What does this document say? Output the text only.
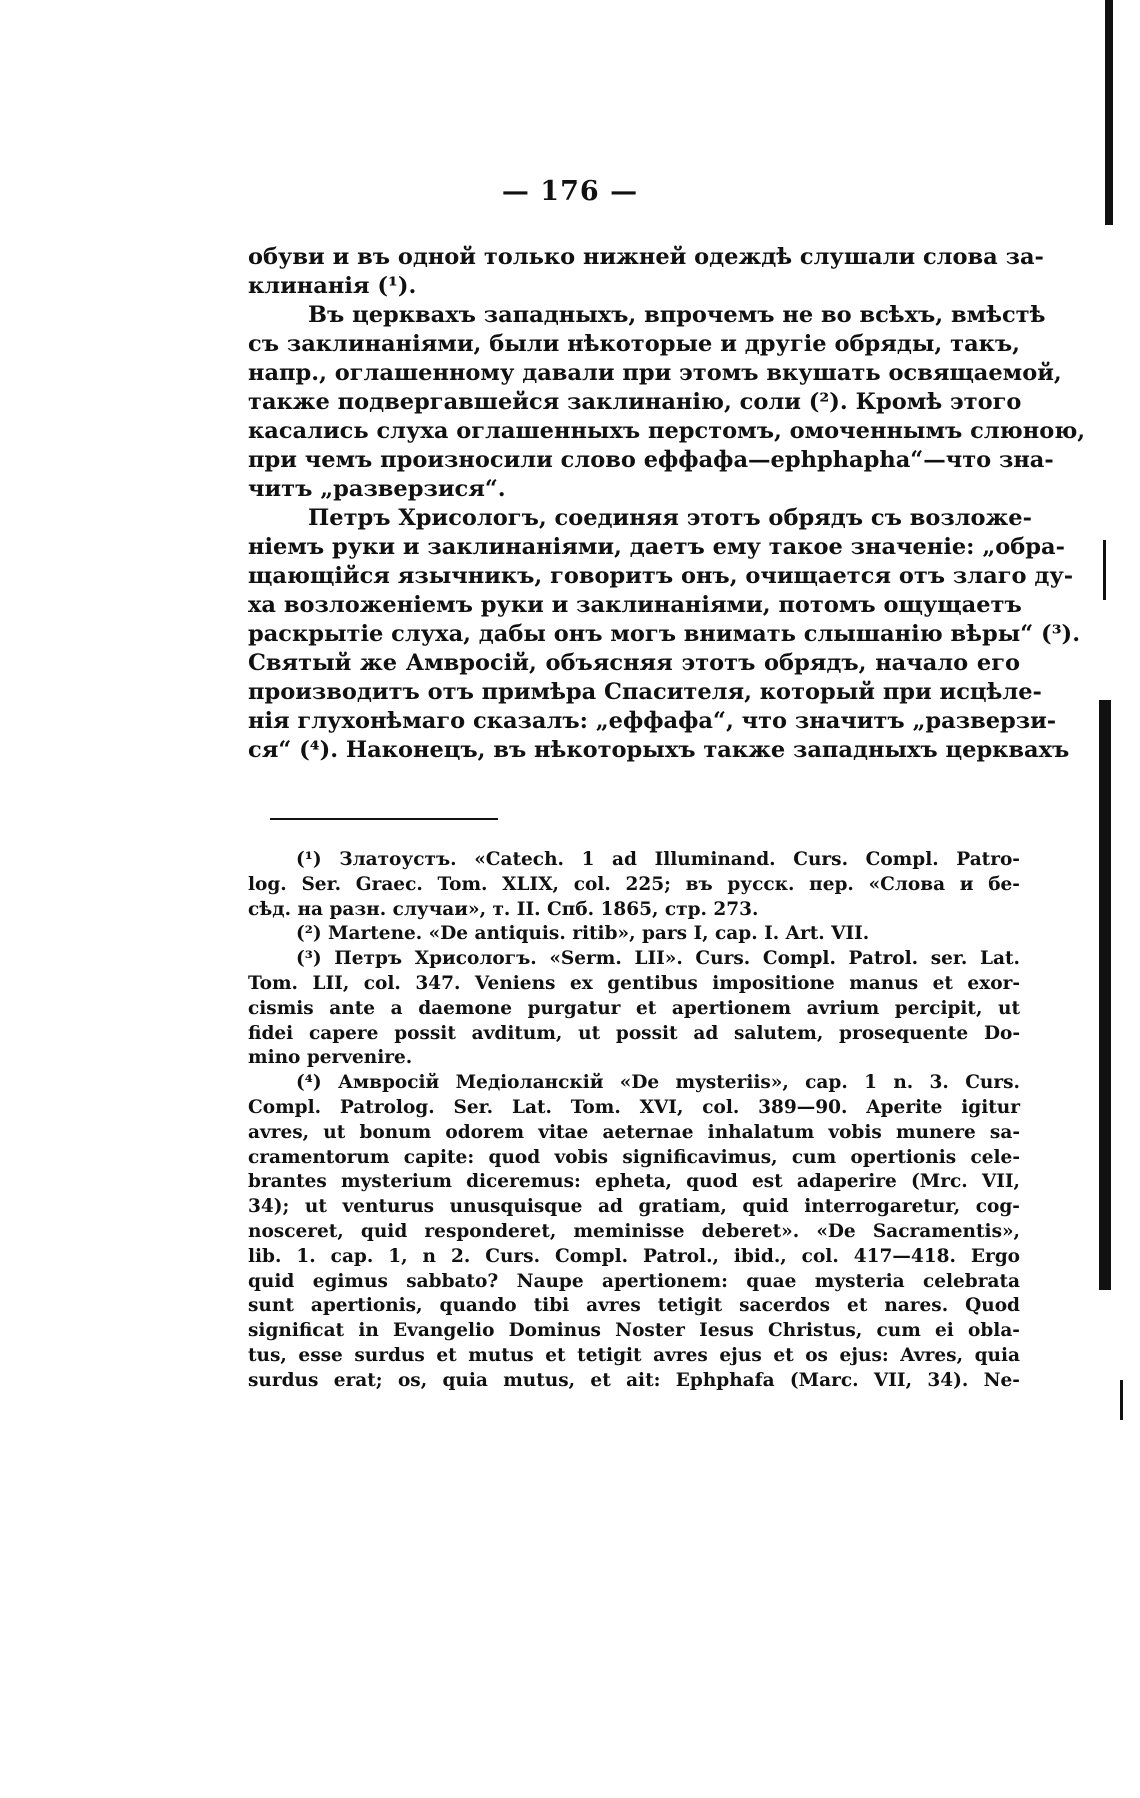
— 176 —
обуви и въ одной только нижней одеждѣ слушали слова за-
клинанія (¹).
Въ церквахъ западныхъ, впрочемъ не во всѣхъ, вмѣстѣ
съ заклинаніями, были нѣкоторые и другіе обряды, такъ,
напр., оглашенному давали при этомъ вкушать освящаемой,
также подвергавшейся заклинанію, соли (²). Кромѣ этого
касались слуха оглашенныхъ перстомъ, омоченнымъ слюною,
при чемъ произносили слово еффафа—ephphapha“—что зна-
читъ „разверзися“.
Петръ Хрисологъ, соединяя этотъ обрядъ съ возложе-
ніемъ руки и заклинаніями, даетъ ему такое значеніе: „обра-
щающійся язычникъ, говоритъ онъ, очищается отъ злаго ду-
ха возложеніемъ руки и заклинаніями, потомъ ощущаетъ
раскрытіе слуха, дабы онъ могъ внимать слышанію вѣры“ (³).
Святый же Амвросій, объясняя этотъ обрядъ, начало его
производитъ отъ примѣра Спасителя, который при исцѣле-
нія глухонѣмаго сказалъ: „еффафа“, что значитъ „разверзи-
ся“ (⁴). Наконецъ, въ нѣкоторыхъ также западныхъ церквахъ
(¹) Златоустъ. «Catech. 1 ad Illuminand. Curs. Compl. Patro-
log. Ser. Graec. Tom. XLIX, col. 225; въ русск. пер. «Слова и бе-
сѣд. на разн. случаи», т. II. Спб. 1865, стр. 273.
(²) Martene. «De antiquis. ritib», pars I, cap. I. Art. VII.
(³) Петръ Хрисологъ. «Serm. LII». Curs. Compl. Patrol. ser. Lat.
Tom. LII, col. 347. Veniens ex gentibus impositione manus et exor-
cismis ante a daemone purgatur et apertionem avrium percipit, ut
fidei capere possit avditum, ut possit ad salutem, prosequente Do-
mino pervenire.
(⁴) Амвросій Медіоланскій «De mysteriis», cap. 1 n. 3. Curs.
Compl. Patrolog. Ser. Lat. Tom. XVI, col. 389—90. Aperite igitur
avres, ut bonum odorem vitae aeternae inhalatum vobis munere sa-
cramentorum capite: quod vobis significavimus, cum opertionis cele-
brantes mysterium diceremus: epheta, quod est adaperire (Mrc. VII,
34); ut venturus unusquisque ad gratiam, quid interrogaretur, cog-
nosceret, quid responderet, meminisse deberet». «De Sacramentis»,
lib. 1. cap. 1, n 2. Curs. Compl. Patrol., ibid., col. 417—418. Ergo
quid egimus sabbato? Naupe apertionem: quae mysteria celebrata
sunt apertionis, quando tibi avres tetigit sacerdos et nares. Quod
significat in Evangelio Dominus Noster Iesus Christus, cum ei obla-
tus, esse surdus et mutus et tetigit avres ejus et os ejus: Avres, quia
surdus erat; os, quia mutus, et ait: Ephphafa (Marc. VII, 34). Ne-
